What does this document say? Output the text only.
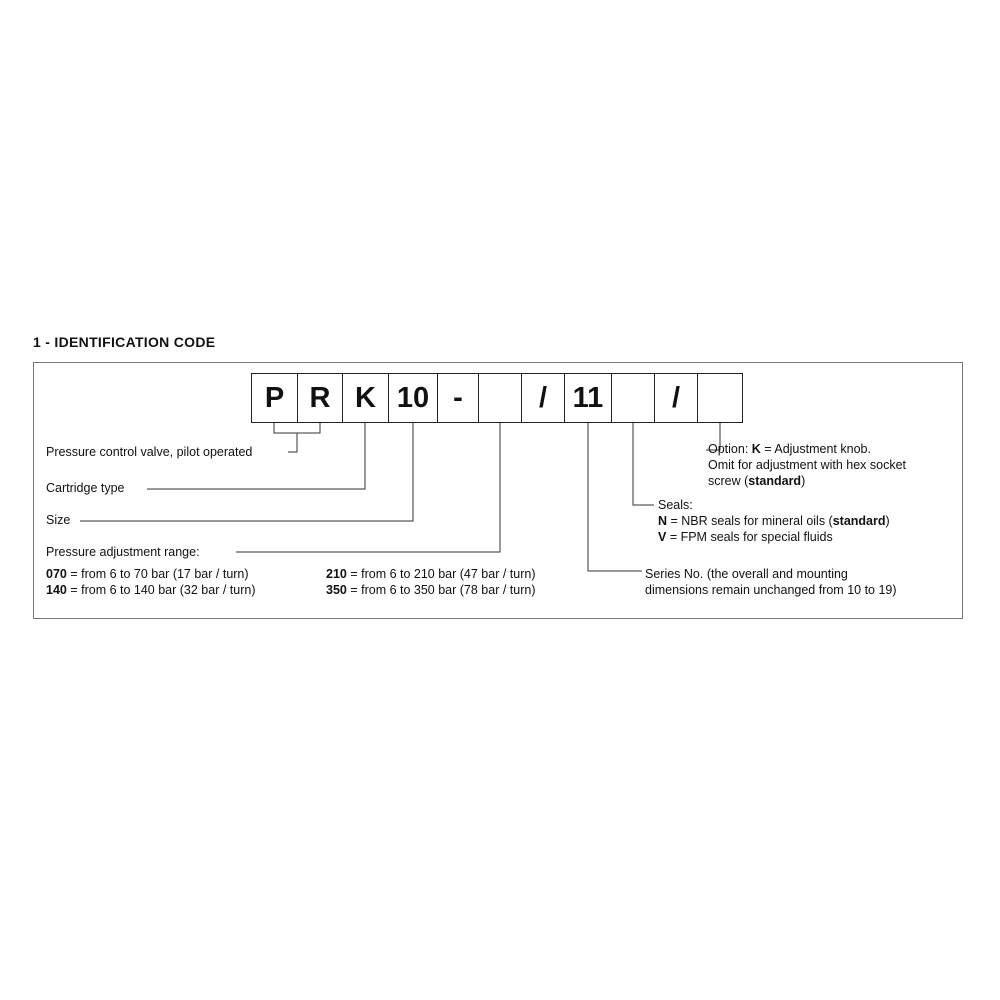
1 - IDENTIFICATION CODE
P R K 10 -	/ 11	/
Pressure control valve, pilot operated
Cartridge type
Size
Pressure adjustment range:
070 = from 6 to 70 bar (17 bar / turn)
140 = from 6 to 140 bar (32 bar / turn)
210 = from 6 to 210 bar (47 bar / turn)
350 = from 6 to 350 bar (78 bar / turn)
Option: K = Adjustment knob.
Omit for adjustment with hex socket
screw (standard)
Seals:
N = NBR seals for mineral oils (standard)
V = FPM seals for special fluids
Series No. (the overall and mounting
dimensions remain unchanged from 10 to 19)
